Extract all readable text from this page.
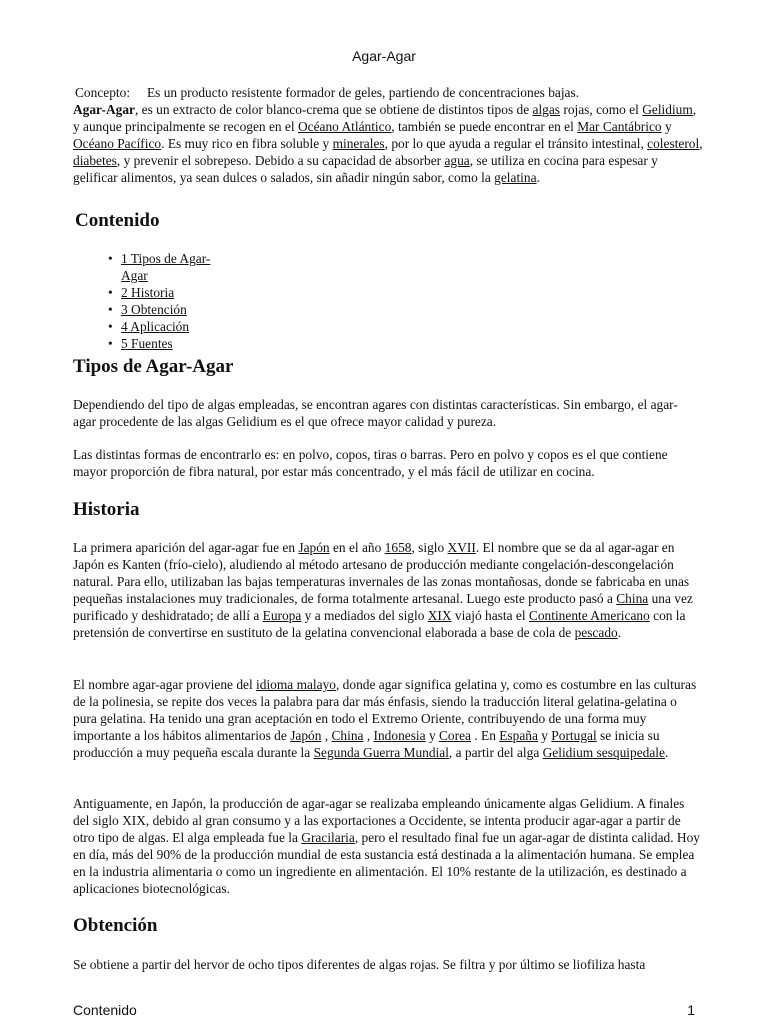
Agar-Agar

Concepto: Es un producto resistente formador de geles, partiendo de concentraciones bajas.
Agar-Agar, es un extracto de color blanco-crema que se obtiene de distintos tipos de algas rojas, como el Gelidium, y aunque principalmente se recogen en el Océano Atlántico, también se puede encontrar en el Mar Cantábrico y Océano Pacífico. Es muy rico en fibra soluble y minerales, por lo que ayuda a regular el tránsito intestinal, colesterol, diabetes, y prevenir el sobrepeso. Debido a su capacidad de absorber agua, se utiliza en cocina para espesar y gelificar alimentos, ya sean dulces o salados, sin añadir ningún sabor, como la gelatina.

Contenido
• 1 Tipos de Agar-Agar
• 2 Historia
• 3 Obtención
• 4 Aplicación
• 5 Fuentes
Tipos de Agar-Agar

Dependiendo del tipo de algas empleadas, se encontran agares con distintas características. Sin embargo, el agar-agar procedente de las algas Gelidium es el que ofrece mayor calidad y pureza.

Las distintas formas de encontrarlo es: en polvo, copos, tiras o barras. Pero en polvo y copos es el que contiene mayor proporción de fibra natural, por estar más concentrado, y el más fácil de utilizar en cocina.

Historia

La primera aparición del agar-agar fue en Japón en el año 1658, siglo XVII. El nombre que se da al agar-agar en Japón es Kanten (frío-cielo), aludiendo al método artesano de producción mediante congelación-descongelación natural. Para ello, utilizaban las bajas temperaturas invernales de las zonas montañosas, donde se fabricaba en unas pequeñas instalaciones muy tradicionales, de forma totalmente artesanal. Luego este producto pasó a China una vez purificado y deshidratado; de allí a Europa y a mediados del siglo XIX viajó hasta el Continente Americano con la pretensión de convertirse en sustituto de la gelatina convencional elaborada a base de cola de pescado.

El nombre agar-agar proviene del idioma malayo, donde agar significa gelatina y, como es costumbre en las culturas de la polinesia, se repite dos veces la palabra para dar más énfasis, siendo la traducción literal gelatina-gelatina o pura gelatina. Ha tenido una gran aceptación en todo el Extremo Oriente, contribuyendo de una forma muy importante a los hábitos alimentarios de Japón , China , Indonesia y Corea . En España y Portugal se inicia su producción a muy pequeña escala durante la Segunda Guerra Mundial, a partir del alga Gelidium sesquipedale.

Antiguamente, en Japón, la producción de agar-agar se realizaba empleando únicamente algas Gelidium. A finales del siglo XIX, debido al gran consumo y a las exportaciones a Occidente, se intenta producir agar-agar a partir de otro tipo de algas. El alga empleada fue la Gracilaria, pero el resultado final fue un agar-agar de distinta calidad. Hoy en día, más del 90% de la producción mundial de esta sustancia está destinada a la alimentación humana. Se emplea en la industria alimentaria o como un ingrediente en alimentación. El 10% restante de la utilización, es destinado a aplicaciones biotecnológicas.

Obtención

Se obtiene a partir del hervor de ocho tipos diferentes de algas rojas. Se filtra y por último se liofiliza hasta

Contenido	1
